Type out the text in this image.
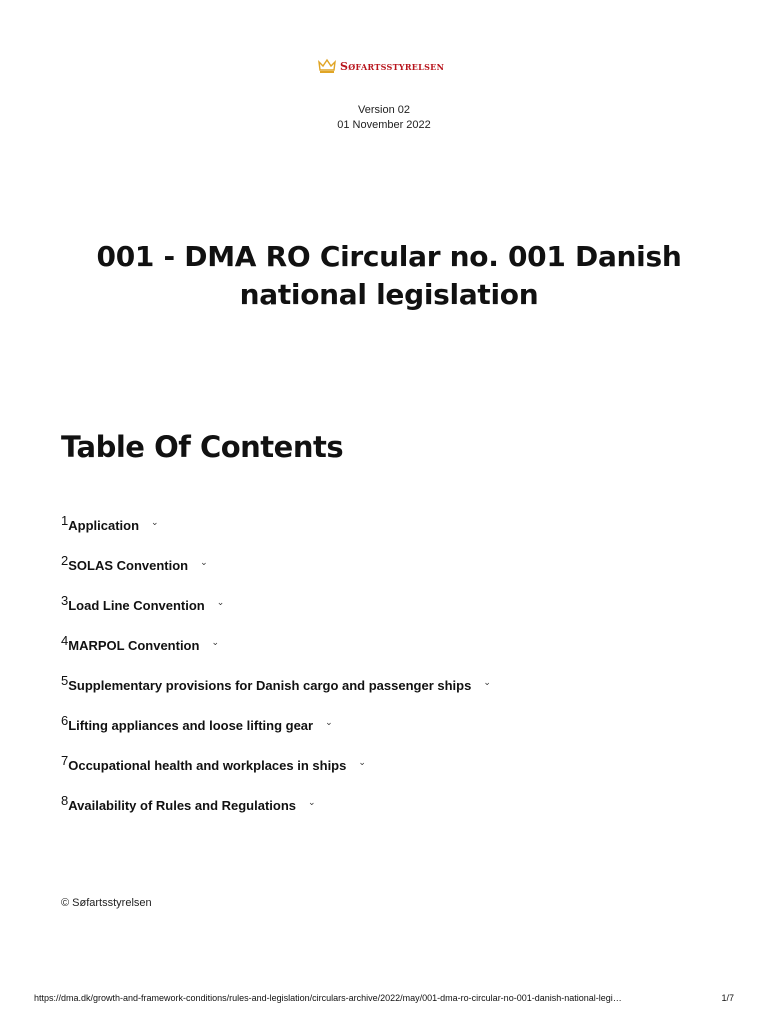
Søfartsstyrelsen
Version 02
01 November 2022
001 - DMA RO Circular no. 001 Danish national legislation
Table Of Contents
1 Application ⌄
2 SOLAS Convention ⌄
3 Load Line Convention ⌄
4 MARPOL Convention ⌄
5 Supplementary provisions for Danish cargo and passenger ships ⌄
6 Lifting appliances and loose lifting gear ⌄
7 Occupational health and workplaces in ships ⌄
8 Availability of Rules and Regulations ⌄
© Søfartsstyrelsen
https://dma.dk/growth-and-framework-conditions/rules-and-legislation/circulars-archive/2022/may/001-dma-ro-circular-no-001-danish-national-legi…	1/7
